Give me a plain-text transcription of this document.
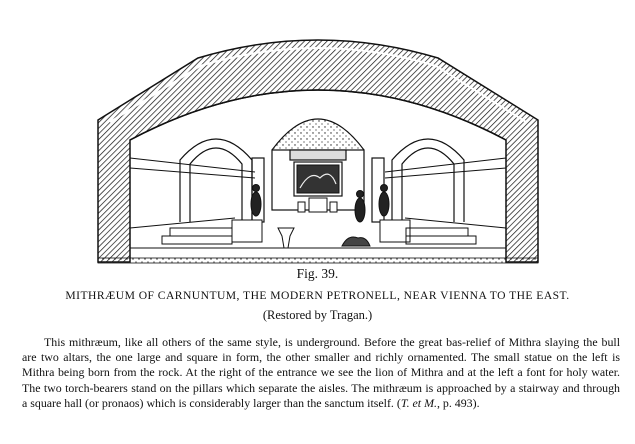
Fig. 39.
MITHRÆUM OF CARNUNTUM, THE MODERN PETRONELL, NEAR VIENNA TO THE EAST.
(Restored by Tragan.)

This mithræum, like all others of the same style, is underground. Before the great bas-relief of Mithra slaying the bull are two altars, the one large and square in form, the other smaller and richly ornamented. The small statue on the left is Mithra being born from the rock. At the right of the entrance we see the lion of Mithra and at the left a font for holy water. The two torch-bearers stand on the pillars which separate the aisles. The mithræum is approached by a stairway and through a square hall (or pronaos) which is considerably larger than the sanctum itself. (T. et M., p. 493).
